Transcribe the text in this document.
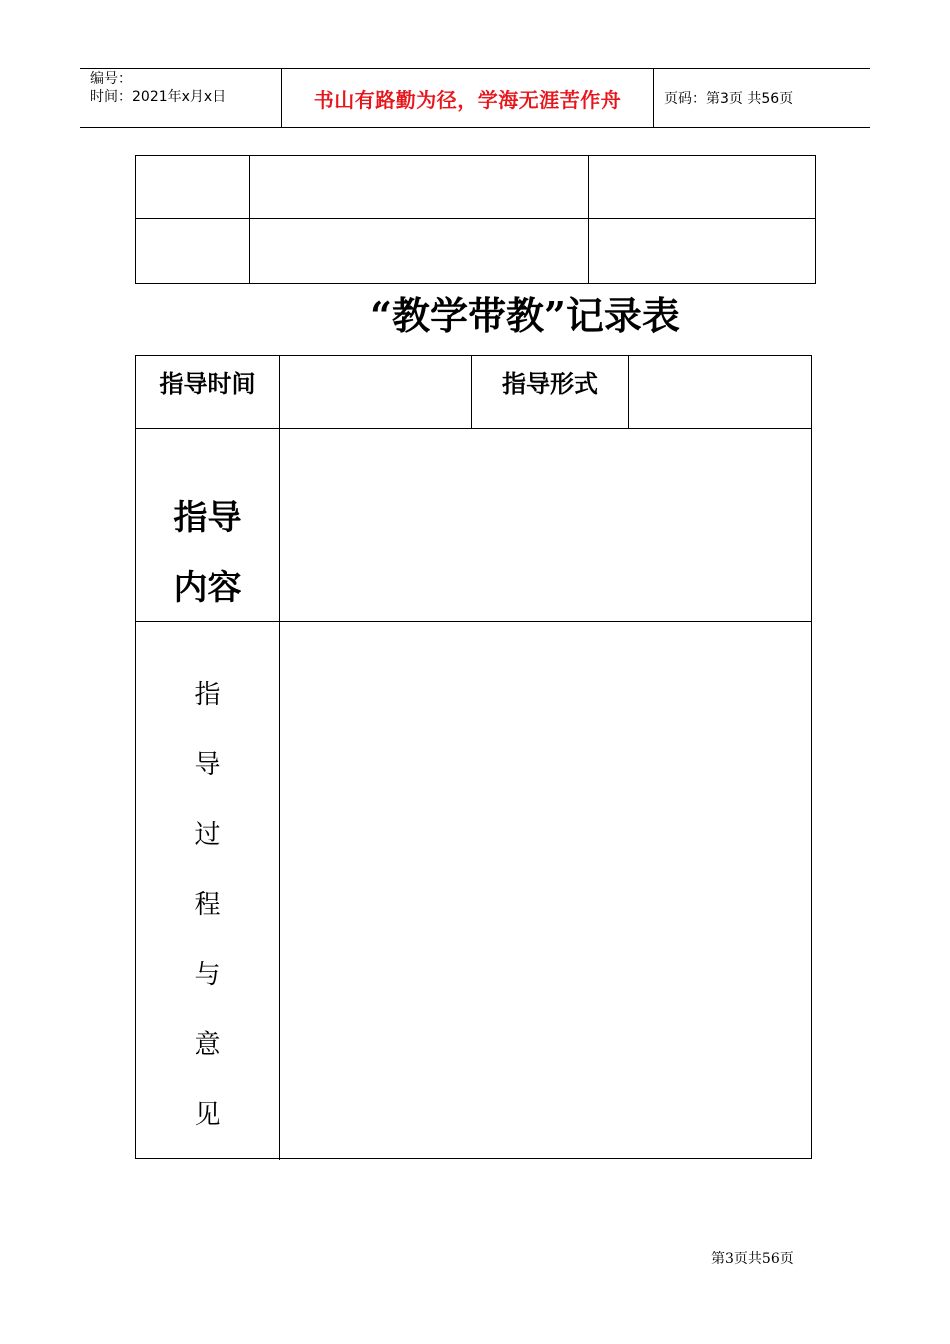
编号：
时间：2021年x月x日	书山有路勤为径，学海无涯苦作舟	页码：第3页 共56页
“教学带教”记录表
指导时间	指导形式
指导
内容
指
导
过
程
与
意
见
第3页共56页
